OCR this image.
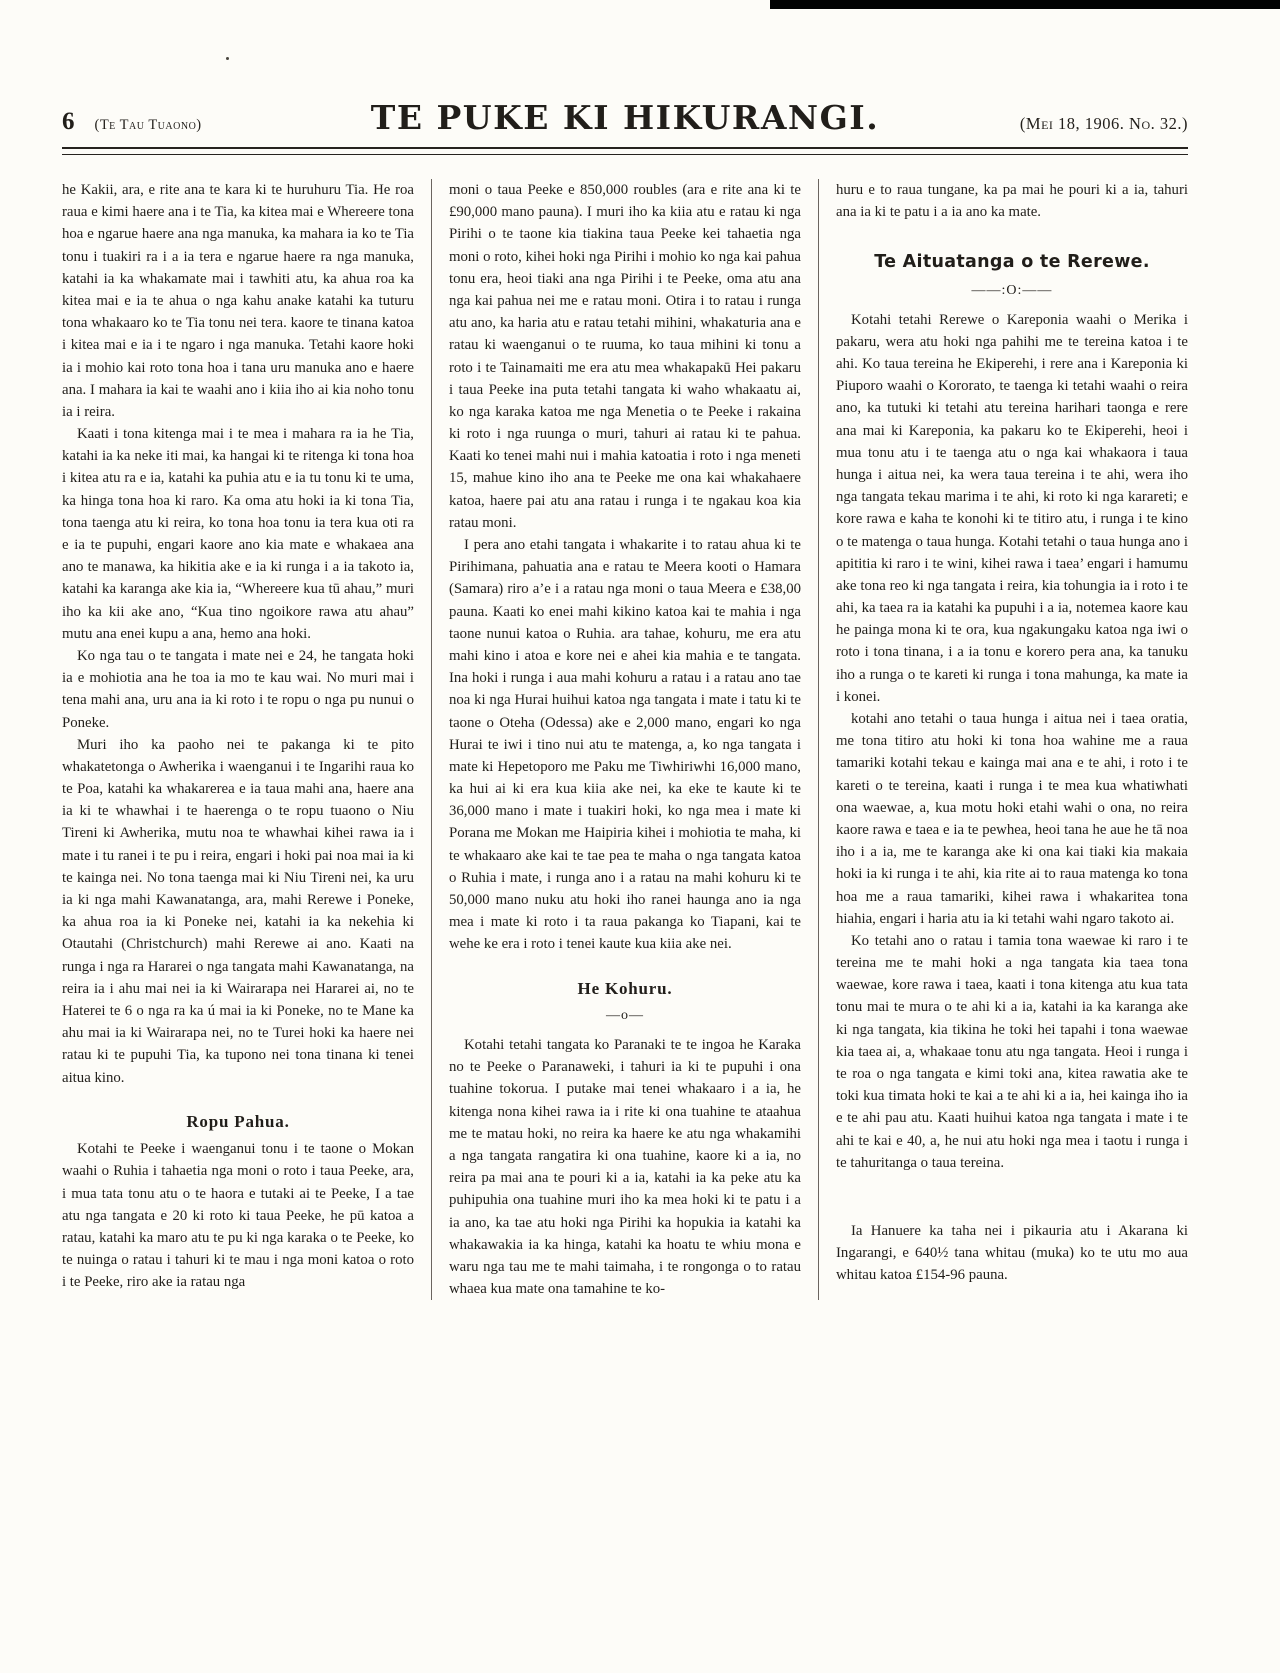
6 (Te Tau Tuaono)	TE PUKE KI HIKURANGI.	(Mei 18, 1906. No. 32.)

he Kakii, ara, e rite ana te kara ki te huruhuru Tia. He roa raua e kimi haere ana i te Tia, ka kitea mai e Whereere tona hoa e ngarue haere ana nga manuka, ka mahara ia ko te Tia tonu i tuakiri ra i a ia tera e ngarue haere ra nga manuka, katahi ia ka whakamate mai i tawhiti atu, ka ahua roa ka kitea mai e ia te ahua o nga kahu anake katahi ka tuturu tona whakaaro ko te Tia tonu nei tera. kaore te tinana katoa i kitea mai e ia i te ngaro i nga manuka. Tetahi kaore hoki ia i mohio kai roto tona hoa i tana uru manuka ano e haere ana. I mahara ia kai te waahi ano i kiia iho ai kia noho tonu ia i reira.

Kaati i tona kitenga mai i te mea i mahara ra ia he Tia, katahi ia ka neke iti mai, ka hangai ki te ritenga ki tona hoa i kitea atu ra e ia, katahi ka puhia atu e ia tu tonu ki te uma, ka hinga tona hoa ki raro. Ka oma atu hoki ia ki tona Tia, tona taenga atu ki reira, ko tona hoa tonu ia tera kua oti ra e ia te pupuhi, engari kaore ano kia mate e whakaea ana ano te manawa, ka hikitia ake e ia ki runga i a ia takoto ia, katahi ka karanga ake kia ia, “Whereere kua tū ahau,” muri iho ka kii ake ano, “Kua tino ngoikore rawa atu ahau” mutu ana enei kupu a ana, hemo ana hoki.

Ko nga tau o te tangata i mate nei e 24, he tangata hoki ia e mohiotia ana he toa ia mo te kau wai. No muri mai i tena mahi ana, uru ana ia ki roto i te ropu o nga pu nunui o Poneke.

Muri iho ka paoho nei te pakanga ki te pito whakatetonga o Awherika i waenganui i te Ingarihi raua ko te Poa, katahi ka whakarerea e ia taua mahi ana, haere ana ia ki te whawhai i te haerenga o te ropu tuaono o Niu Tireni ki Awherika, mutu noa te whawhai kihei rawa ia i mate i tu ranei i te pu i reira, engari i hoki pai noa mai ia ki te kainga nei. No tona taenga mai ki Niu Tireni nei, ka uru ia ki nga mahi Kawanatanga, ara, mahi Rerewe i Poneke, ka ahua roa ia ki Poneke nei, katahi ia ka nekehia ki Otautahi (Christchurch) mahi Rerewe ai ano. Kaati na runga i nga ra Hararei o nga tangata mahi Kawanatanga, na reira ia i ahu mai nei ia ki Wairarapa nei Hararei ai, no te Haterei te 6 o nga ra ka ú mai ia ki Poneke, no te Mane ka ahu mai ia ki Wairarapa nei, no te Turei hoki ka haere nei ratau ki te pupuhi Tia, ka tupono nei tona tinana ki tenei aitua kino.

Ropu Pahua.

Kotahi te Peeke i waenganui tonu i te taone o Mokan waahi o Ruhia i tahaetia nga moni o roto i taua Peeke, ara, i mua tata tonu atu o te haora e tutaki ai te Peeke, I a tae atu nga tangata e 20 ki roto ki taua Peeke, he pū katoa a ratau, katahi ka maro atu te pu ki nga karaka o te Peeke, ko te nuinga o ratau i tahuri ki te mau i nga moni katoa o roto i te Peeke, riro ake ia ratau nga

moni o taua Peeke e 850,000 roubles (ara e rite ana ki te £90,000 mano pauna). I muri iho ka kiia atu e ratau ki nga Pirihi o te taone kia tiakina taua Peeke kei tahaetia nga moni o roto, kihei hoki nga Pirihi i mohio ko nga kai pahua tonu era, heoi tiaki ana nga Pirihi i te Peeke, oma atu ana nga kai pahua nei me e ratau moni. Otira i to ratau i runga atu ano, ka haria atu e ratau tetahi mihini, whakaturia ana e ratau ki waenganui o te ruuma, ko taua mihini ki tonu a roto i te Tainamaiti me era atu mea whakapakū Hei pakaru i taua Peeke ina puta tetahi tangata ki waho whakaatu ai, ko nga karaka katoa me nga Menetia o te Peeke i rakaina ki roto i nga ruunga o muri, tahuri ai ratau ki te pahua. Kaati ko tenei mahi nui i mahia katoatia i roto i nga meneti 15, mahue kino iho ana te Peeke me ona kai whakahaere katoa, haere pai atu ana ratau i runga i te ngakau koa kia ratau moni.

I pera ano etahi tangata i whakarite i to ratau ahua ki te Pirihimana, pahuatia ana e ratau te Meera kooti o Hamara (Samara) riro a’e i a ratau nga moni o taua Meera e £38,00 pauna. Kaati ko enei mahi kikino katoa kai te mahia i nga taone nunui katoa o Ruhia. ara tahae, kohuru, me era atu mahi kino i atoa e kore nei e ahei kia mahia e te tangata. Ina hoki i runga i aua mahi kohuru a ratau i a ratau ano tae noa ki nga Hurai huihui katoa nga tangata i mate i tatu ki te taone o Oteha (Odessa) ake e 2,000 mano, engari ko nga Hurai te iwi i tino nui atu te matenga, a, ko nga tangata i mate ki Hepetoporo me Paku me Tiwhiriwhi 16,000 mano, ka hui ai ki era kua kiia ake nei, ka eke te kaute ki te 36,000 mano i mate i tuakiri hoki, ko nga mea i mate ki Porana me Mokan me Haipiria kihei i mohiotia te maha, ki te whakaaro ake kai te tae pea te maha o nga tangata katoa o Ruhia i mate, i runga ano i a ratau na mahi kohuru ki te 50,000 mano nuku atu hoki iho ranei haunga ano ia nga mea i mate ki roto i ta raua pakanga ko Tiapani, kai te wehe ke era i roto i tenei kaute kua kiia ake nei.

He Kohuru.
—o—

Kotahi tetahi tangata ko Paranaki te te ingoa he Karaka no te Peeke o Paranaweki, i tahuri ia ki te pupuhi i ona tuahine tokorua. I putake mai tenei whakaaro i a ia, he kitenga nona kihei rawa ia i rite ki ona tuahine te ataahua me te matau hoki, no reira ka haere ke atu nga whakamihi a nga tangata rangatira ki ona tuahine, kaore ki a ia, no reira pa mai ana te pouri ki a ia, katahi ia ka peke atu ka puhipuhia ona tuahine muri iho ka mea hoki ki te patu i a ia ano, ka tae atu hoki nga Pirihi ka hopukia ia katahi ka whakawakia ia ka hinga, katahi ka hoatu te whiu mona e waru nga tau me te mahi taimaha, i te rongonga o to ratau whaea kua mate ona tamahine te ko-

huru e to raua tungane, ka pa mai he pouri ki a ia, tahuri ana ia ki te patu i a ia ano ka mate.

Te Aituatanga o te Rerewe.
——:O:——

Kotahi tetahi Rerewe o Kareponia waahi o Merika i pakaru, wera atu hoki nga pahihi me te tereina katoa i te ahi. Ko taua tereina he Ekiperehi, i rere ana i Kareponia ki Piuporo waahi o Kororato, te taenga ki tetahi waahi o reira ano, ka tutuki ki tetahi atu tereina harihari taonga e rere ana mai ki Kareponia, ka pakaru ko te Ekiperehi, heoi i mua tonu atu i te taenga atu o nga kai whakaora i taua hunga i aitua nei, ka wera taua tereina i te ahi, wera iho nga tangata tekau marima i te ahi, ki roto ki nga karareti; e kore rawa e kaha te konohi ki te titiro atu, i runga i te kino o te matenga o taua hunga. Kotahi tetahi o taua hunga ano i apititia ki raro i te wini, kihei rawa i taea’ engari i hamumu ake tona reo ki nga tangata i reira, kia tohungia ia i roto i te ahi, ka taea ra ia katahi ka pupuhi i a ia, notemea kaore kau he painga mona ki te ora, kua ngakungaku katoa nga iwi o roto i tona tinana, i a ia tonu e korero pera ana, ka tanuku iho a runga o te kareti ki runga i tona mahunga, ka mate ia i konei.

kotahi ano tetahi o taua hunga i aitua nei i taea oratia, me tona titiro atu hoki ki tona hoa wahine me a raua tamariki kotahi tekau e kainga mai ana e te ahi, i roto i te kareti o te tereina, kaati i runga i te mea kua whatiwhati ona waewae, a, kua motu hoki etahi wahi o ona, no reira kaore rawa e taea e ia te pewhea, heoi tana he aue he tā noa iho i a ia, me te karanga ake ki ona kai tiaki kia makaia hoki ia ki runga i te ahi, kia rite ai to raua matenga ko tona hoa me a raua tamariki, kihei rawa i whakaritea tona hiahia, engari i haria atu ia ki tetahi wahi ngaro takoto ai.

Ko tetahi ano o ratau i tamia tona waewae ki raro i te tereina me te mahi hoki a nga tangata kia taea tona waewae, kore rawa i taea, kaati i tona kitenga atu kua tata tonu mai te mura o te ahi ki a ia, katahi ia ka karanga ake ki nga tangata, kia tikina he toki hei tapahi i tona waewae kia taea ai, a, whakaae tonu atu nga tangata. Heoi i runga i te roa o nga tangata e kimi toki ana, kitea rawatia ake te toki kua timata hoki te kai a te ahi ki a ia, hei kainga iho ia e te ahi pau atu. Kaati huihui katoa nga tangata i mate i te ahi te kai e 40, a, he nui atu hoki nga mea i taotu i runga i te tahuritanga o taua tereina.

Ia Hanuere ka taha nei i pikauria atu i Akarana ki Ingarangi, e 640½ tana whitau (muka) ko te utu mo aua whitau katoa £154-96 pauna.
